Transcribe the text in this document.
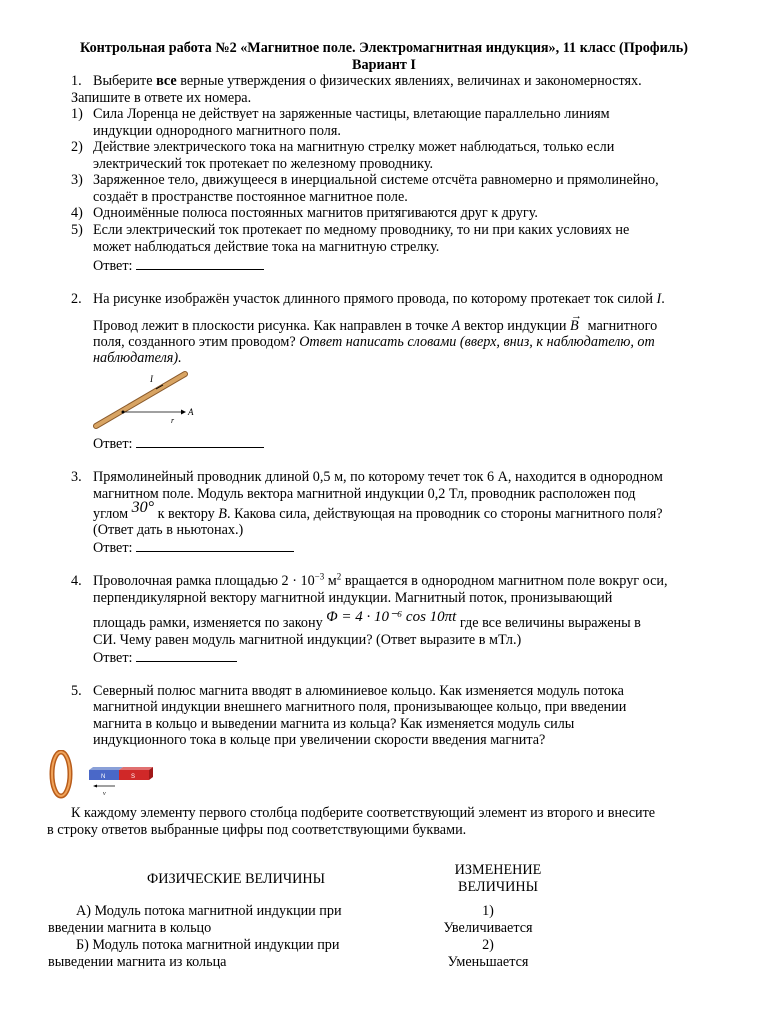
Контрольная работа №2 «Магнитное поле. Электромагнитная индукция», 11 класс (Профиль)
Вариант I
1. Выберите все верные утверждения о физических явлениях, величинах и закономерностях.
Запишите в ответе их номера.
1) Сила Лоренца не действует на заряженные частицы, влетающие параллельно линиям
индукции однородного магнитного поля.
2) Действие электрического тока на магнитную стрелку может наблюдаться, только если
электрический ток протекает по железному проводнику.
3) Заряженное тело, движущееся в инерциальной системе отсчёта равномерно и прямолинейно,
создаёт в пространстве постоянное магнитное поле.
4) Одноимённые полюса постоянных магнитов притягиваются друг к другу.
5) Если электрический ток протекает по медному проводнику, то ни при каких условиях не
может наблюдаться действие тока на магнитную стрелку.
Ответ:
2. На рисунке изображён участок длинного прямого провода, по которому протекает ток силой I.
Провод лежит в плоскости рисунка. Как направлен в точке A вектор индукции
→
B магнитного
поля, созданного этим проводом? Ответ написать словами (вверх, вниз, к наблюдателю, от
наблюдателя).
I
A
r
Ответ:
3. Прямолинейный проводник длиной 0,5 м, по которому течет ток 6 А, находится в однородном
магнитном поле. Модуль вектора магнитной индукции 0,2 Тл, проводник расположен под
углом 30° к вектору B. Какова сила, действующая на проводник со стороны магнитного поля?
(Ответ дать в ньютонах.)
Ответ:
4. Проволочная рамка площадью $2 \cdot 10^{-3}$ $м^2$ вращается в однородном магнитном поле вокруг оси,
перпендикулярной вектору магнитной индукции. Магнитный поток, пронизывающий
площадь рамки, изменяется по закону Φ = 4 · 10⁻⁶ cos 10πt где все величины выражены в
СИ. Чему равен модуль магнитной индукции? (Ответ выразите в мТл.)
Ответ:
5. Северный полюс магнита вводят в алюминиевое кольцо. Как изменяется модуль потока
магнитной индукции внешнего магнитного поля, пронизывающее кольцо, при введении
магнита в кольцо и выведении магнита из кольца? Как изменяется модуль силы
индукционного тока в кольце при увеличении скорости введения магнита?
N	S
v
К каждому элементу первого столбца подберите соответствующий элемент из второго и внесите
в строку ответов выбранные цифры под соответствующими буквами.
ФИЗИЧЕСКИЕ ВЕЛИЧИНЫ
ИЗМЕНЕНИЕ
ВЕЛИЧИНЫ
А) Модуль потока магнитной индукции при
введении магнита в кольцо
1)
Увеличивается
Б) Модуль потока магнитной индукции при
выведении магнита из кольца
2)
Уменьшается
